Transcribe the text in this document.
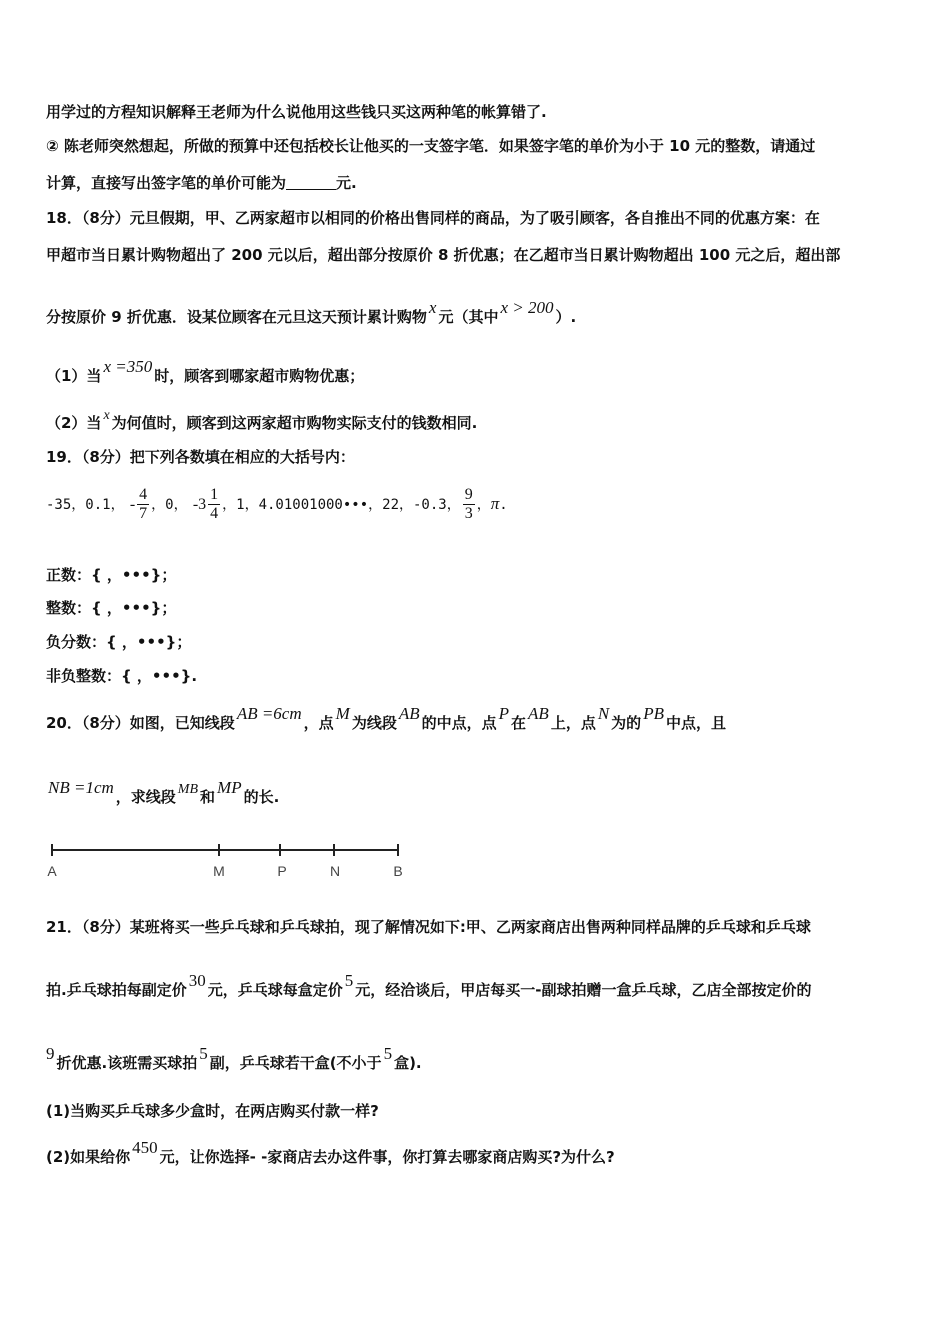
用学过的方程知识解释王老师为什么说他用这些钱只买这两种笔的帐算错了.
② 陈老师突然想起，所做的预算中还包括校长让他买的一支签字笔．如果签字笔的单价为小于 10 元的整数，请通过
计算，直接写出签字笔的单价可能为	元.
18．（8分）元旦假期，甲、乙两家超市以相同的价格出售同样的商品，为了吸引顾客，各自推出不同的优惠方案：在
甲超市当日累计购物超出了 200 元以后，超出部分按原价 8 折优惠；在乙超市当日累计购物超出 100 元之后，超出部
分按原价 9 折优惠．设某位顾客在元旦这天预计累计购物 x 元（其中 x > 200 ）.
（1）当 x =350 时，顾客到哪家超市购物优惠；
（2）当 x 为何值时，顾客到这两家超市购物实际支付的钱数相同.
19．（8分）把下列各数填在相应的大括号内：
-35，0.1， - $\frac{4}{7}$ ，0， $-3 \frac{1}{4}$ ，1，4.01001000•••，22，-0.3， $\frac{9}{3}$ ，π.
正数：{ ，•••}；
整数：{ ，•••}；
负分数：{ ，•••}；
非负整数：{ ，•••}.
20．（8分）如图，已知线段 AB =6cm ，点 M 为线段 AB 的中点，点 P 在 AB 上，点 N 为的 PB 中点，且
NB =1cm ，求线段 MB 和 MP 的长.
A	M	P	N	B
21．（8分）某班将买一些乒乓球和乒乓球拍，现了解情况如下:甲、乙两家商店出售两种同样品牌的乒乓球和乒乓球
拍.乒乓球拍每副定价 30 元，乒乓球每盒定价 5 元，经洽谈后，甲店每买一-副球拍赠一盒乒乓球，乙店全部按定价的
9 折优惠.该班需买球拍 5 副，乒乓球若干盒(不小于 5 盒).
(1)当购买乒乓球多少盒时，在两店购买付款一样?
(2)如果给你 450 元，让你选择- -家商店去办这件事，你打算去哪家商店购买?为什么?
